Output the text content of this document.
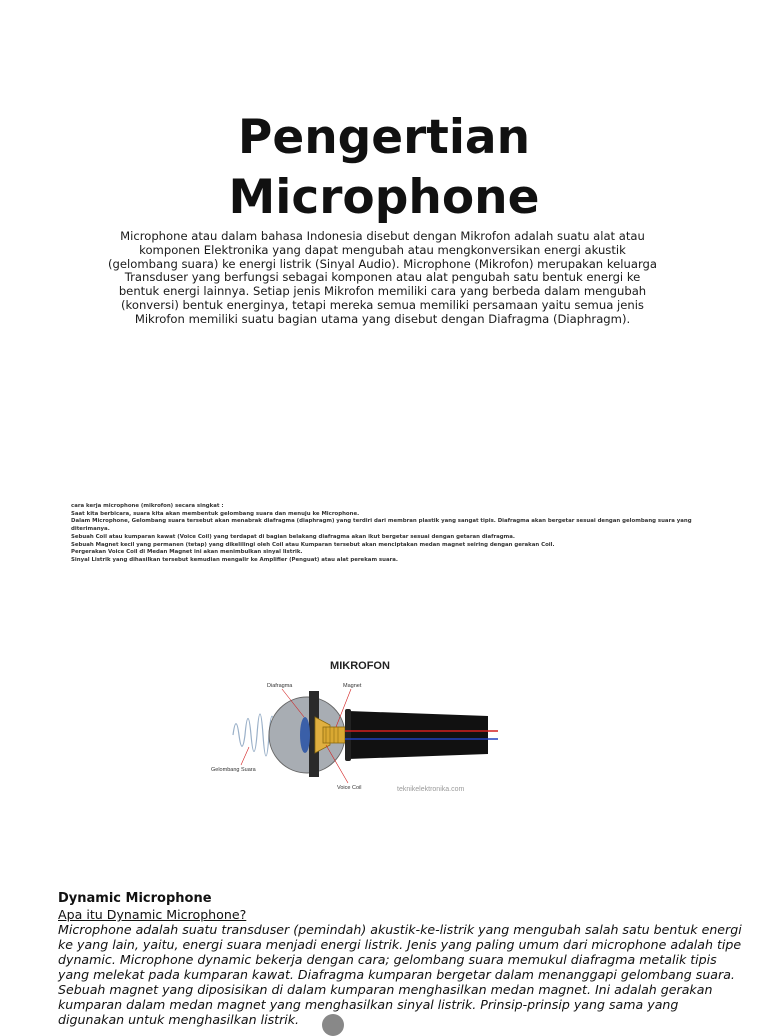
Pengertian
Microphone
Microphone atau dalam bahasa Indonesia disebut dengan Mikrofon adalah suatu alat atau komponen Elektronika yang dapat mengubah atau mengkonversikan energi akustik (gelombang suara) ke energi listrik (Sinyal Audio). Microphone (Mikrofon) merupakan keluarga Transduser yang berfungsi sebagai komponen atau alat pengubah satu bentuk energi ke bentuk energi lainnya. Setiap jenis Mikrofon memiliki cara yang berbeda dalam mengubah (konversi) bentuk energinya, tetapi mereka semua memiliki persamaan yaitu semua jenis Mikrofon memiliki suatu bagian utama yang disebut dengan Diafragma (Diaphragm).

cara kerja microphone (mikrofon) secara singkat :

Saat kita berbicara, suara kita akan membentuk gelombang suara dan menuju ke Microphone.

Dalam Microphone, Gelombang suara tersebut akan menabrak diafragma (diaphragm) yang terdiri dari membran plastik yang sangat tipis. Diafragma akan bergetar sesuai dengan gelombang suara yang diterimanya.

Sebuah Coil atau kumparan kawat (Voice Coil) yang terdapat di bagian belakang diafragma akan ikut bergetar sesuai dengan getaran diafragma.

Sebuah Magnet kecil yang permanen (tetap) yang dikelilingi oleh Coil atau Kumparan tersebut akan menciptakan medan magnet seiring dengan gerakan Coil.

Pergerakan Voice Coil di Medan Magnet ini akan menimbulkan sinyal listrik.

Sinyal Listrik yang dihasilkan tersebut kemudian mengalir ke Amplifier (Penguat) atau alat perekam suara.

MIKROFON
Diafragma	Magnet
Gelombang Suara
Voice Coil	teknikelektronika.com
Dynamic Microphone
Apa itu Dynamic Microphone?

Microphone adalah suatu transduser (pemindah) akustik-ke-listrik yang mengubah salah satu bentuk energi
ke yang lain, yaitu, energi suara menjadi energi listrik. Jenis yang paling umum dari microphone adalah tipe
dynamic. Microphone dynamic bekerja dengan cara; gelombang suara memukul diafragma metalik tipis
yang melekat pada kumparan kawat. Diafragma kumparan bergetar dalam menanggapi gelombang suara.
Sebuah magnet yang diposisikan di dalam kumparan menghasilkan medan magnet. Ini adalah gerakan
kumparan dalam medan magnet yang menghasilkan sinyal listrik. Prinsip-prinsip yang sama yang
digunakan untuk menghasilkan listrik.
